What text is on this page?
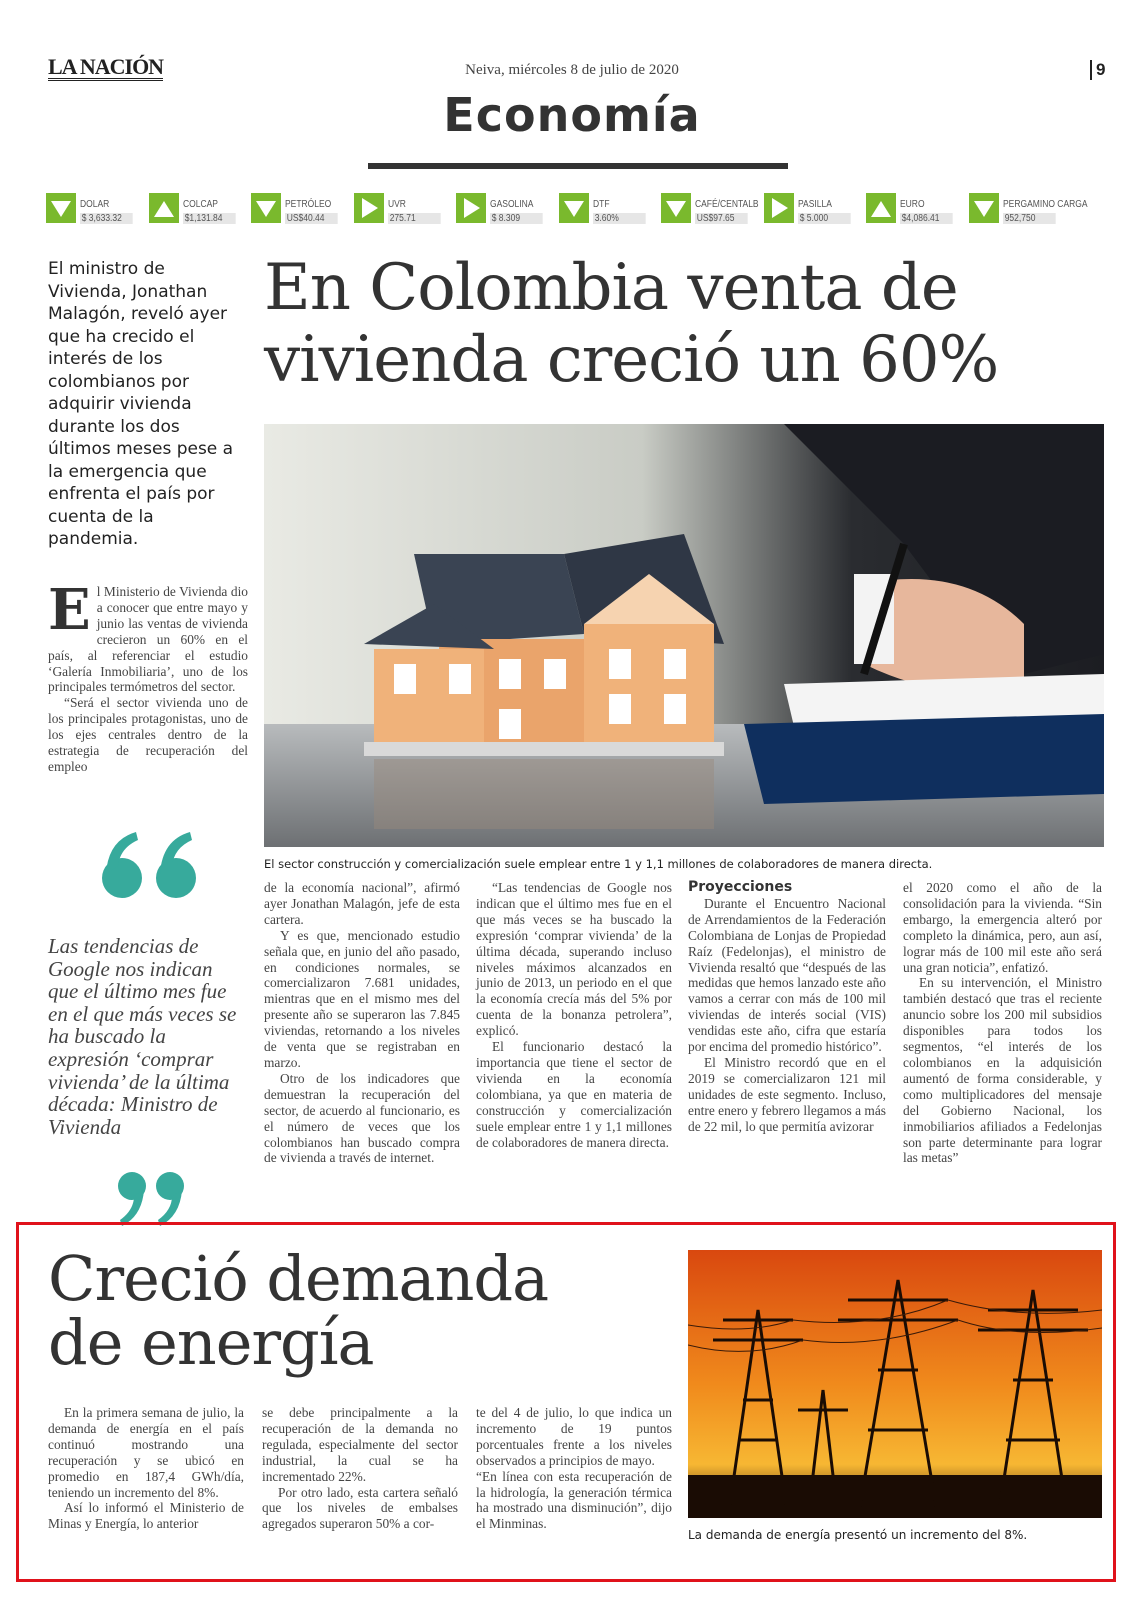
LA NACIÓN	Neiva, miércoles 8 de julio de 2020	9
Economía
DOLAR
$ 3,633.32
COLCAP
$1,131.84
PETRÓLEO
US$40.44
UVR
275.71
GASOLINA
$ 8.309
DTF
3.60%
CAFÉ/CENTALB
US$97.65
PASILLA
$ 5.000
EURO
$4,086.41
PERGAMINO CARGA
952,750
El ministro de Vivienda, Jonathan Malagón, reveló ayer que ha crecido el interés de los colombianos por adquirir vivienda durante los dos últimos meses pese a la emergencia que enfrenta el país por cuenta de la pandemia.
En Colombia venta de
vivienda creció un 60%
El sector construcción y comercialización suele emplear entre 1 y 1,1 millones de colaboradores de manera directa.
E l Ministerio de Vivienda dio a conocer que entre mayo y junio las ventas de vivienda crecieron un 60% en el país, al referenciar el estudio ‘Galería Inmobiliaria’, uno de los principales termómetros del sector.
“Será el sector vivienda uno de los principales protagonistas, uno de los ejes centrales dentro de la estrategia de recuperación del empleo
Las tendencias de Google nos indican que el último mes fue en el que más veces se ha buscado la expresión ‘comprar vivienda’ de la última década: Ministro de Vivienda
de la economía nacional”, afirmó ayer Jonathan Malagón, jefe de esta cartera.
Y es que, mencionado estudio señala que, en junio del año pasado, en condiciones normales, se comercializaron 7.681 unidades, mientras que en el mismo mes del presente año se superaron las 7.845 viviendas, retornando a los niveles de venta que se registraban en marzo.
Otro de los indicadores que demuestran la recuperación del sector, de acuerdo al funcionario, es el número de veces que los colombianos han buscado compra de vivienda a través de internet.
“Las tendencias de Google nos indican que el último mes fue en el que más veces se ha buscado la expresión ‘comprar vivienda’ de la última década, superando incluso niveles máximos alcanzados en junio de 2013, un periodo en el que la economía crecía más del 5% por cuenta de la bonanza petrolera”, explicó.
El funcionario destacó la importancia que tiene el sector de vivienda en la economía colombiana, ya que en materia de construcción y comercialización suele emplear entre 1 y 1,1 millones de colaboradores de manera directa.
Proyecciones
Durante el Encuentro Nacional de Arrendamientos de la Federación Colombiana de Lonjas de Propiedad Raíz (Fedelonjas), el ministro de Vivienda resaltó que “después de las medidas que hemos lanzado este año vamos a cerrar con más de 100 mil viviendas de interés social (VIS) vendidas este año, cifra que estaría por encima del promedio histórico”.
El Ministro recordó que en el 2019 se comercializaron 121 mil unidades de este segmento. Incluso, entre enero y febrero llegamos a más de 22 mil, lo que permitía avizorar
el 2020 como el año de la consolidación para la vivienda. “Sin embargo, la emergencia alteró por completo la dinámica, pero, aun así, lograr más de 100 mil este año será una gran noticia”, enfatizó.
En su intervención, el Ministro también destacó que tras el reciente anuncio sobre los 200 mil subsidios disponibles para todos los segmentos, “el interés de los colombianos en la adquisición aumentó de forma considerable, y como multiplicadores del mensaje del Gobierno Nacional, los inmobiliarios afiliados a Fedelonjas son parte determinante para lograr las metas”
Creció demanda
de energía
En la primera semana de julio, la demanda de energía en el país continuó mostrando una recuperación y se ubicó en promedio en 187,4 GWh/día, teniendo un incremento del 8%.
Así lo informó el Ministerio de Minas y Energía, lo anterior
se debe principalmente a la recuperación de la demanda no regulada, especialmente del sector industrial, la cual se ha incrementado 22%.
Por otro lado, esta cartera señaló que los niveles de embalses agregados superaron 50% a cor-
te del 4 de julio, lo que indica un incremento de 19 puntos porcentuales frente a los niveles observados a principios de mayo.
“En línea con esta recuperación de la hidrología, la generación térmica ha mostrado una disminución”, dijo el Minminas.
La demanda de energía presentó un incremento del 8%.
